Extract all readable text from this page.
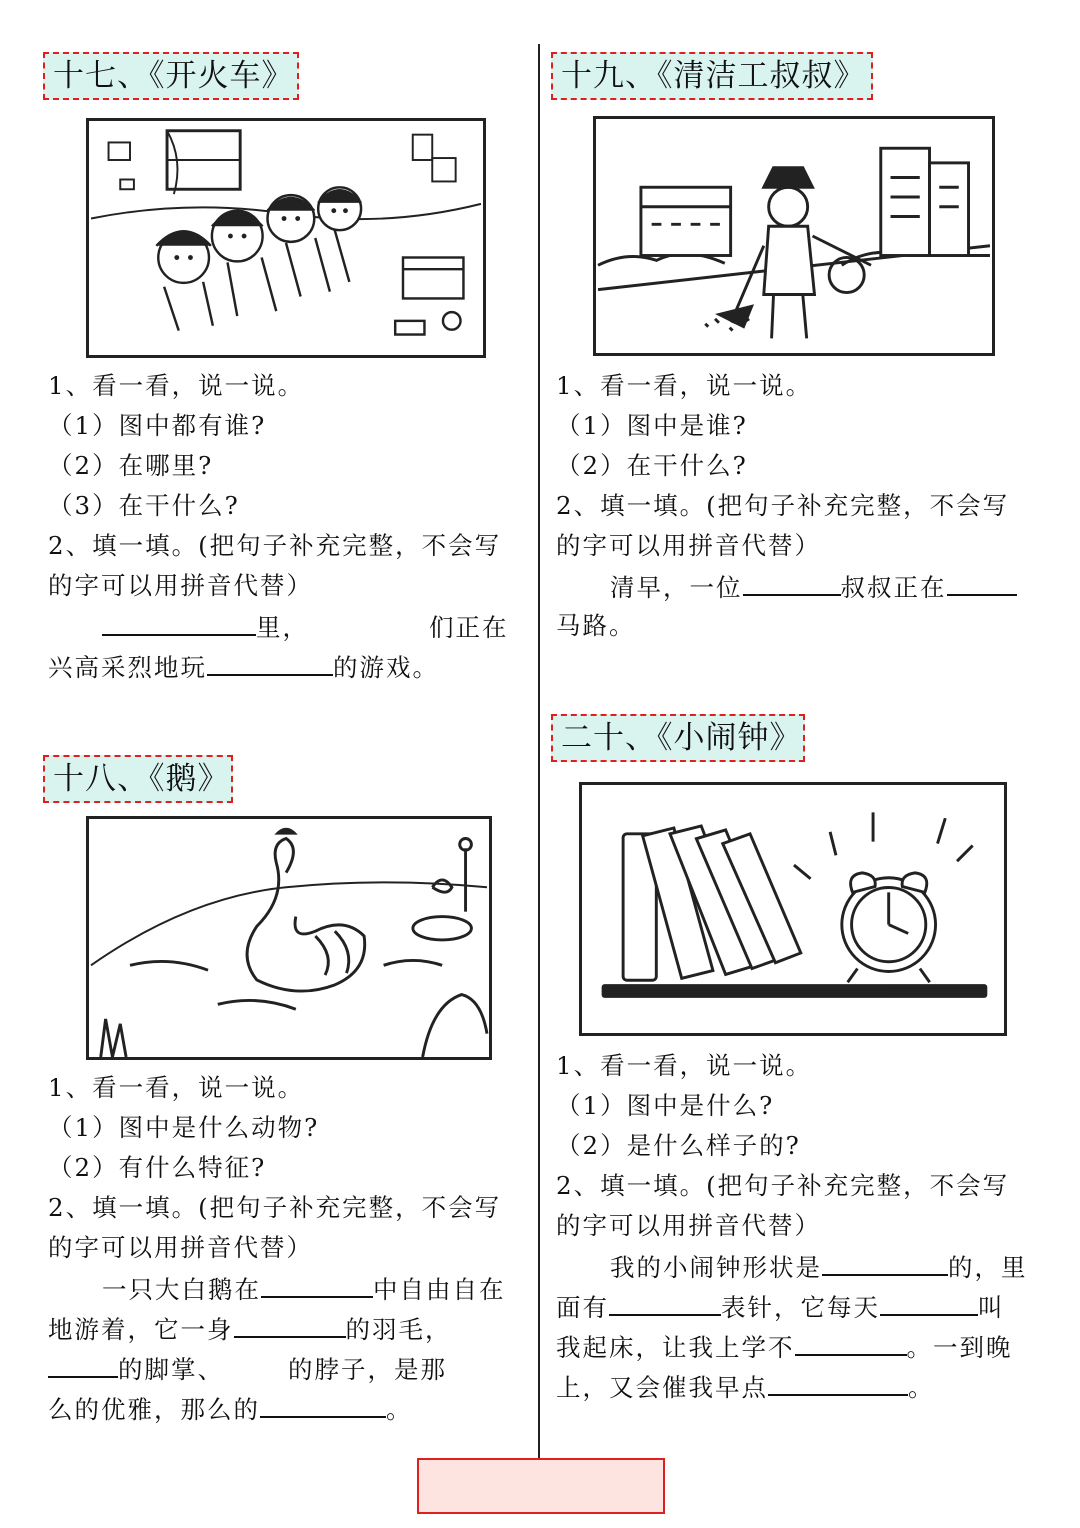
十七、《开火车》
1、看一看，说一说。
（1）图中都有谁?
（2）在哪里?
（3）在干什么?
2、填一填。(把句子补充完整，不会写
的字可以用拼音代替）
里，	们正在
兴高采烈地玩	的游戏。
十八、《鹅》
1、看一看，说一说。
（1）图中是什么动物?
（2）有什么特征?
2、填一填。(把句子补充完整，不会写
的字可以用拼音代替）
一只大白鹅在	中自由自在
地游着，它一身	的羽毛，
的脚掌、	的脖子，是那
么的优雅，那么的	。
十九、《清洁工叔叔》
1、看一看，说一说。
（1）图中是谁?
（2）在干什么?
2、填一填。(把句子补充完整，不会写
的字可以用拼音代替）
清早，一位	叔叔正在
马路。
二十、《小闹钟》
1、看一看，说一说。
（1）图中是什么?
（2）是什么样子的?
2、填一填。(把句子补充完整，不会写
的字可以用拼音代替）
我的小闹钟形状是	的，里
面有	表针，它每天	叫
我起床，让我上学不	。一到晚
上，又会催我早点	。
